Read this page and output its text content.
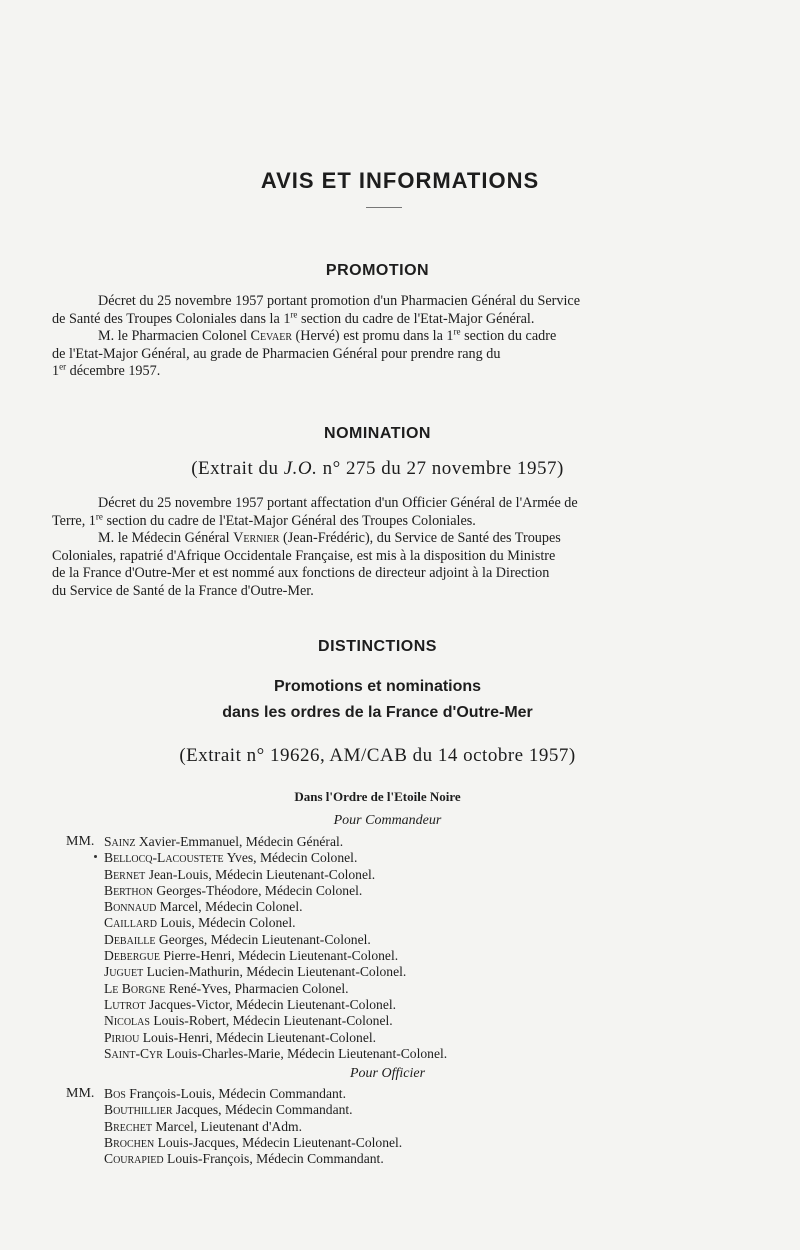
AVIS ET INFORMATIONS
PROMOTION
Décret du 25 novembre 1957 portant promotion d'un Pharmacien Général du Service
de Santé des Troupes Coloniales dans la 1re section du cadre de l'Etat-Major Général.
M. le Pharmacien Colonel Cevaer (Hervé) est promu dans la 1re section du cadre
de l'Etat-Major Général, au grade de Pharmacien Général pour prendre rang du
1er décembre 1957.
NOMINATION
(Extrait du J.O. n° 275 du 27 novembre 1957)
Décret du 25 novembre 1957 portant affectation d'un Officier Général de l'Armée de
Terre, 1re section du cadre de l'Etat-Major Général des Troupes Coloniales.
M. le Médecin Général Vernier (Jean-Frédéric), du Service de Santé des Troupes
Coloniales, rapatrié d'Afrique Occidentale Française, est mis à la disposition du Ministre
de la France d'Outre-Mer et est nommé aux fonctions de directeur adjoint à la Direction
du Service de Santé de la France d'Outre-Mer.
DISTINCTIONS
Promotions et nominations
dans les ordres de la France d'Outre-Mer
(Extrait n° 19626, AM/CAB du 14 octobre 1957)
Dans l'Ordre de l'Etoile Noire
Pour Commandeur
MM. Sainz Xavier-Emmanuel, Médecin Général.
Bellocq-Lacoustete Yves, Médecin Colonel.
Bernet Jean-Louis, Médecin Lieutenant-Colonel.
Berthon Georges-Théodore, Médecin Colonel.
Bonnaud Marcel, Médecin Colonel.
Caillard Louis, Médecin Colonel.
Debaille Georges, Médecin Lieutenant-Colonel.
Debergue Pierre-Henri, Médecin Lieutenant-Colonel.
Juguet Lucien-Mathurin, Médecin Lieutenant-Colonel.
Le Borgne René-Yves, Pharmacien Colonel.
Lutrot Jacques-Victor, Médecin Lieutenant-Colonel.
Nicolas Louis-Robert, Médecin Lieutenant-Colonel.
Piriou Louis-Henri, Médecin Lieutenant-Colonel.
Saint-Cyr Louis-Charles-Marie, Médecin Lieutenant-Colonel.
Pour Officier
MM. Bos François-Louis, Médecin Commandant.
Bouthillier Jacques, Médecin Commandant.
Brechet Marcel, Lieutenant d'Adm.
Brochen Louis-Jacques, Médecin Lieutenant-Colonel.
Courapied Louis-François, Médecin Commandant.
